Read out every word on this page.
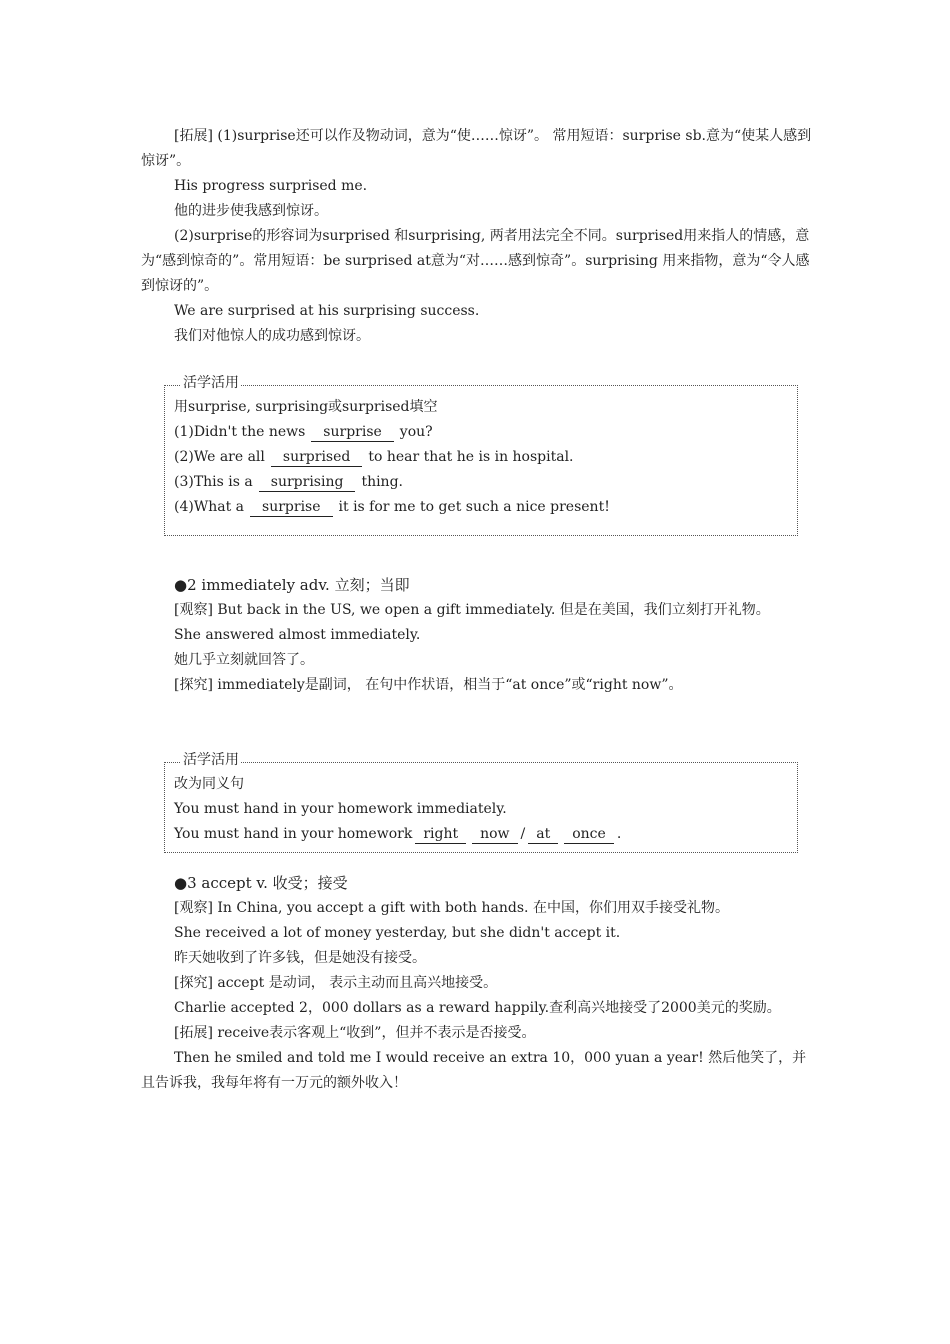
[拓展] (1)surprise还可以作及物动词，意为“使……惊讶”。 常用短语：surprise sb.意为“使某人感到惊讶”。

His progress surprised me.

他的进步使我感到惊讶。

(2)surprise的形容词为surprised 和surprising, 两者用法完全不同。surprised用来指人的情感，意为“感到惊奇的”。常用短语：be surprised at意为“对……感到惊奇”。surprising 用来指物，意为“令人感到惊讶的”。

We are surprised at his surprising success.

我们对他惊人的成功感到惊讶。

活学活用
用surprise, surprising或surprised填空
(1)Didn't the news surprise you?
(2)We are all surprised to hear that he is in hospital.
(3)This is a surprising thing.
(4)What a surprise it is for me to get such a nice present!

●2 immediately adv. 立刻；当即

[观察] But back in the US, we open a gift immediately. 但是在美国，我们立刻打开礼物。

She answered almost immediately.

她几乎立刻就回答了。

[探究] immediately是副词， 在句中作状语，相当于“at once”或“right now”。

活学活用
改为同义句
You must hand in your homework immediately.
You must hand in your homework right now / at once .

●3 accept v. 收受；接受

[观察] In China, you accept a gift with both hands. 在中国，你们用双手接受礼物。

She received a lot of money yesterday, but she didn't accept it.

昨天她收到了许多钱，但是她没有接受。

[探究] accept 是动词， 表示主动而且高兴地接受。

Charlie accepted 2，000 dollars as a reward happily.查利高兴地接受了2000美元的奖励。

[拓展] receive表示客观上“收到”，但并不表示是否接受。

Then he smiled and told me I would receive an extra 10，000 yuan a year! 然后他笑了，并且告诉我，我每年将有一万元的额外收入！
